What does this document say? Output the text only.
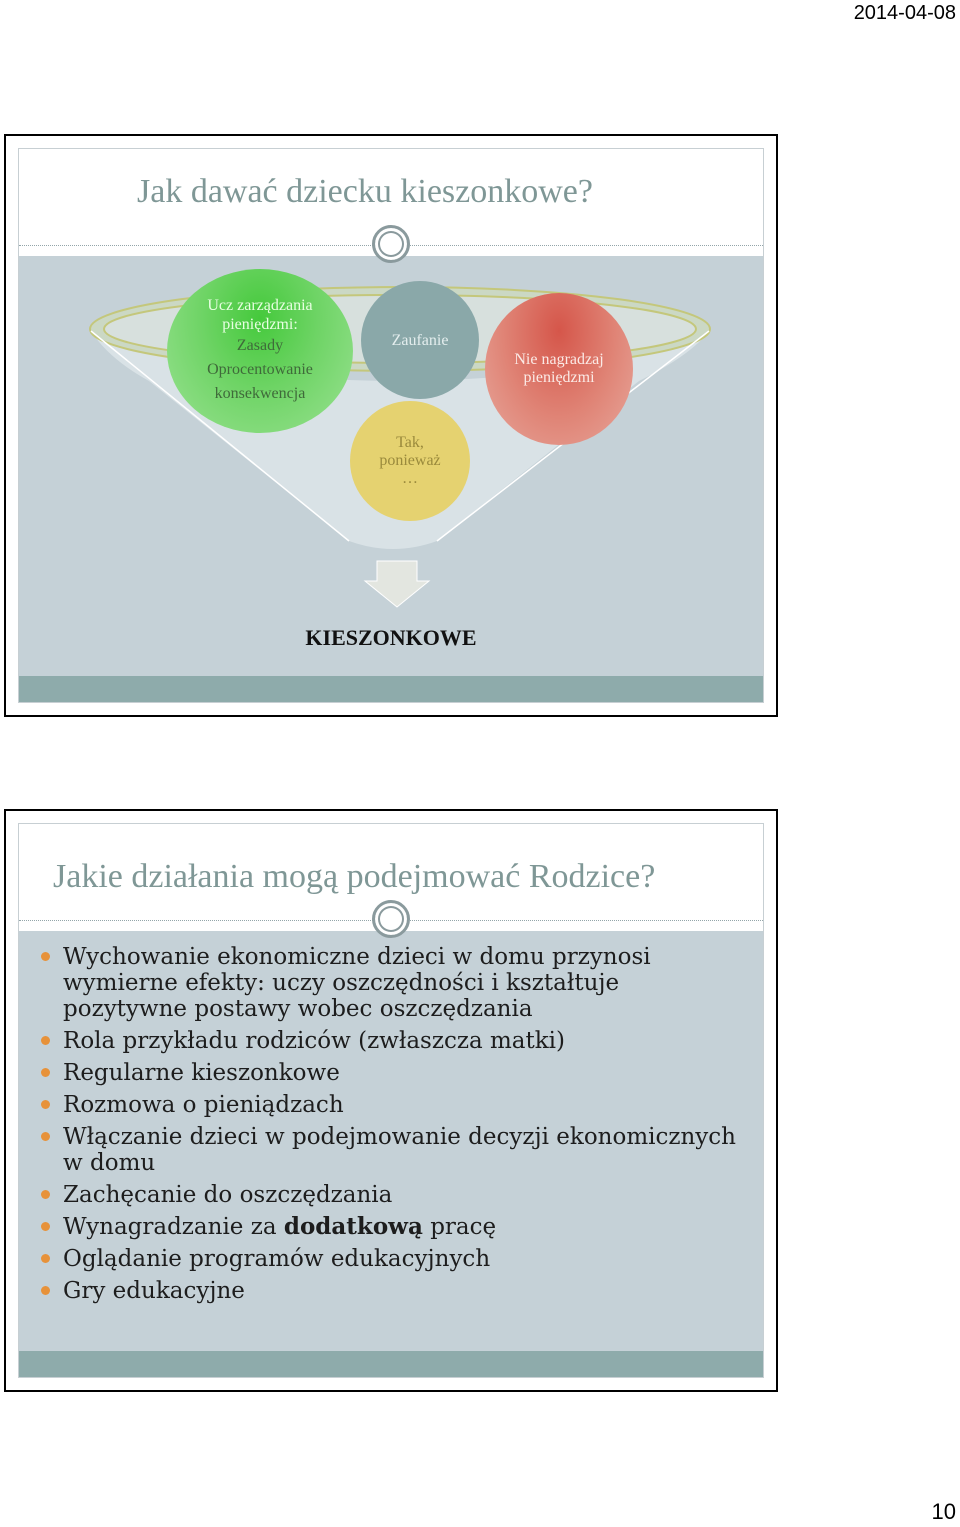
2014-04-08
Jak dawać dziecku kieszonkowe?
Ucz zarządzania pieniędzmi:
Zasady
Oprocentowanie
konsekwencja
Zaufanie
Nie nagradzaj pieniędzmi
Tak, ponieważ …
KIESZONKOWE
Jakie działania mogą podejmować Rodzice?
Wychowanie ekonomiczne dzieci w domu przynosi wymierne efekty: uczy oszczędności i kształtuje pozytywne postawy wobec oszczędzania
Rola przykładu rodziców (zwłaszcza matki)
Regularne kieszonkowe
Rozmowa o pieniądzach
Włączanie dzieci w podejmowanie decyzji ekonomicznych w domu
Zachęcanie do oszczędzania
Wynagradzanie za dodatkową pracę
Oglądanie programów edukacyjnych
Gry edukacyjne
10
